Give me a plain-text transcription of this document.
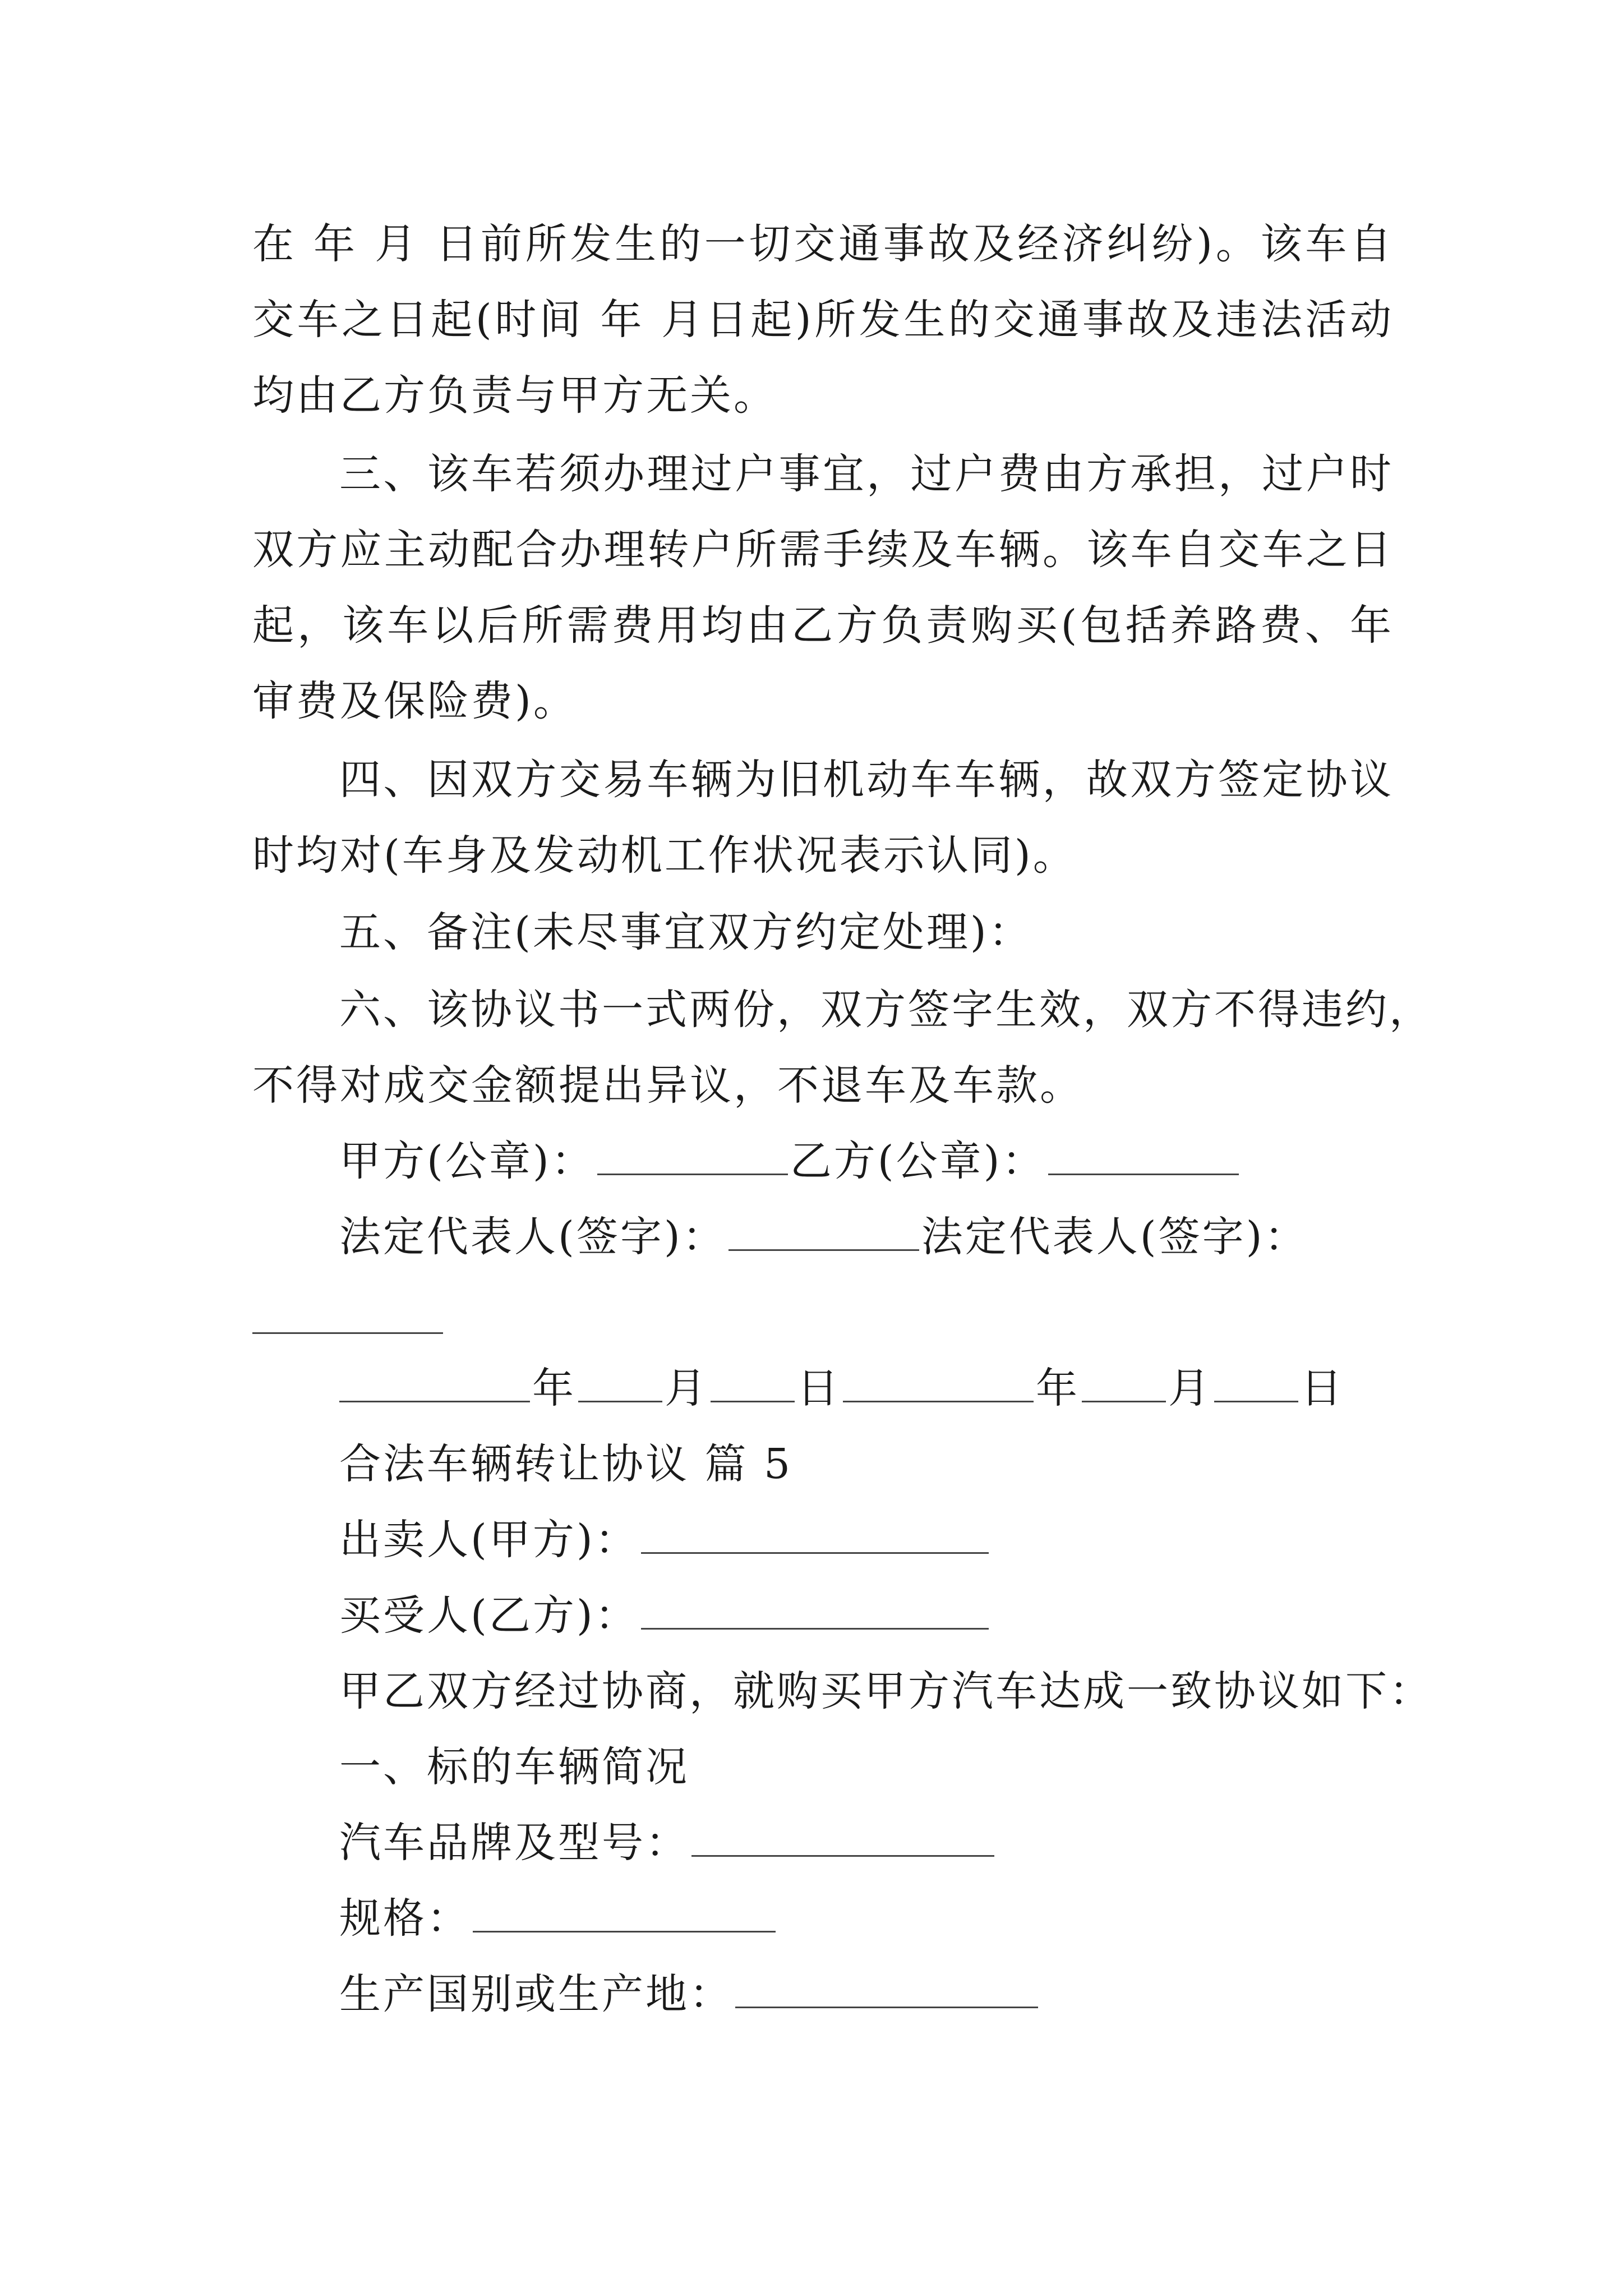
在 年 月 日前所发生的一切交通事故及经济纠纷)。该车自
交车之日起(时间 年 月日起)所发生的交通事故及违法活动
均由乙方负责与甲方无关。
三、该车若须办理过户事宜，过户费由方承担，过户时
双方应主动配合办理转户所需手续及车辆。该车自交车之日
起，该车以后所需费用均由乙方负责购买(包括养路费、年
审费及保险费)。
四、因双方交易车辆为旧机动车车辆，故双方签定协议
时均对(车身及发动机工作状况表示认同)。
五、备注(未尽事宜双方约定处理)：
六、该协议书一式两份，双方签字生效，双方不得违约，
不得对成交金额提出异议，不退车及车款。
甲方(公章)：	乙方(公章)：
法定代表人(签字)：	法定代表人(签字)：
年 月 日	年 月 日
合法车辆转让协议 篇 5
出卖人(甲方)：
买受人(乙方)：
甲乙双方经过协商，就购买甲方汽车达成一致协议如下：
一、标的车辆简况
汽车品牌及型号：
规格：
生产国别或生产地：
